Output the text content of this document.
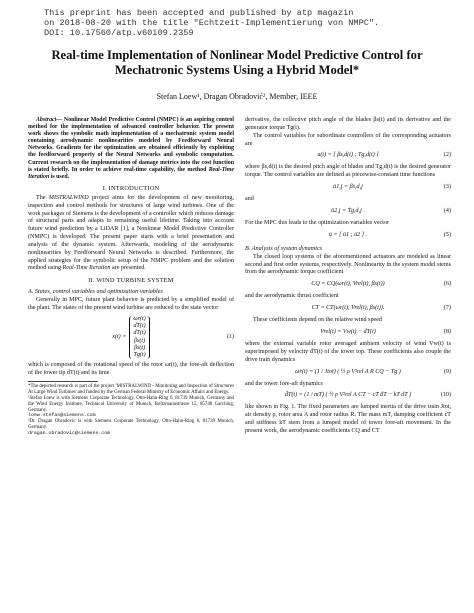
This preprint has been accepted and published by atp magazin
on 2018-08-20 with the title "Echtzeit-Implementierung von NMPC".
DOI: 10.17560/atp.v60i09.2359
Real-time Implementation of Nonlinear Model Predictive Control for
Mechatronic Systems Using a Hybrid Model*
Stefan Loew¹, Dragan Obradović², Member, IEEE
Abstract— Nonlinear Model Predictive Control (NMPC) is an aspiring control method for the implementation of advanced controller behavior. The present work shows the symbolic math implementation of a mechatronic system model containing aerodynamic nonlinearities modeled by Feedforward Neural Networks. Gradients for the optimization are obtained efficiently by exploiting the feedforward property of the Neural Networks and symbolic computation. Current research on the implementation of damage metrics into the cost function is stated briefly. In order to achieve real-time capability, the method Real-Time Iteration is used.
I. INTRODUCTION
The MISTRALWIND project aims for the development of new monitoring, inspection and control methods for structures of large wind turbines. One of the work packages of Siemens is the development of a controller which reduces damage of structural parts and adapts to remaining useful lifetime. Taking into account future wind prediction by a LiDAR [1], a Nonlinear Model Predictive Controller (NMPC) is developed. The present paper starts with a brief presentation and analysis of the dynamic system. Afterwards, modeling of the aerodynamic nonlinearities by Feedforward Neural Networks is described. Furthermore, the applied strategies for the symbolic setup of the NMPC problem and the solution method using Real-Time Iteration are presented.
II. WIND TURBINE SYSTEM
A. States, control variables and optimization variables
Generally in MPC, future plant behavior is predicted by a simplified model of the plant. The states of the present wind turbine are reduced to the state vector
x(t) =
ωr(t)
dT(t)
ḋT(t)
βs(t)
β̇s(t)
Tg(t)
(1)
which is composed of the rotational speed of the rotor ωr(t), the fore-aft deflection of the tower tip dT(t) and its time
*The depicted research is part of the project 'MISTRALWIND - Monitoring and Inspection of Structures At Large Wind Turbines' and funded by the German Federal Ministry of Economic Affairs and Energy.
¹Stefan Loew is with Siemens Corporate Technology, Otto-Hahn-Ring 6, 81739 Munich, Germany and the Wind Energy Institute, Technical University of Munich, Boltzmannstrasse 15, 85748 Garching, Germany.
loew.stefan@siemens.com
²Dr. Dragan Obradovic is with Siemens Corporate Technology, Otto-Hahn-Ring 6, 81739 Munich, Germany.
dragan.obradovic@siemens.com
derivative, the collective pitch angle of the blades βs(t) and its derivative and the generator torque Tg(t).
The control variables for subordinate controllers of the corresponding actuators are
u(t) = [ βs,d(t) ; Tg,d(t) ]	(2)
where βs,d(t) is the desired pitch angle of blades and Tg,d(t) is the desired generator torque. The control variables are defined as piecewise-constant time functions
ū1,j = β̇s,d,j	(3)
and
ū2,j = Ṫg,d,j .	(4)
For the MPC this leads to the optimization variables vector
ū = [ ū1 ; ū2 ] .	(5)
B. Analysis of system dynamics
The closed loop systems of the aforementioned actuators are modeled as linear second and first order systems, respectively. Nonlinearity in the system model stems from the aerodynamic torque coefficient
CQ = CQ(ωr(t), Vrel(t), βs(t))	(6)
and the aerodynamic thrust coefficient
CT = CT(ωr(t), Vrel(t), βs(t)).	(7)
These coefficients depend on the relative wind speed
Vrel(t) = Vw(t) − ḋT(t)	(8)
where the external variable rotor averaged ambient velocity of wind Vw(t) is superimposed by velocity ḋT(t) of the tower top. These coefficients also couple the drive train dynamics
ω̇r(t) = (1 / Jtot) ( ½ ρ V²rel A R CQ − Tg )	(9)
and the tower fore-aft dynamics
d̈T(t) = (1 / mT) ( ½ ρ V²rel A CT − cT ḋT − kT dT )	(10)
like shown in Fig. 1. The fixed parameters are lumped inertia of the drive train Jtot, air density ρ, rotor area A and rotor radius R. The mass mT, damping coefficient cT and stiffness kT stem from a lumped model of tower fore-aft movement. In the present work, the aerodynamic coefficients CQ and CT
